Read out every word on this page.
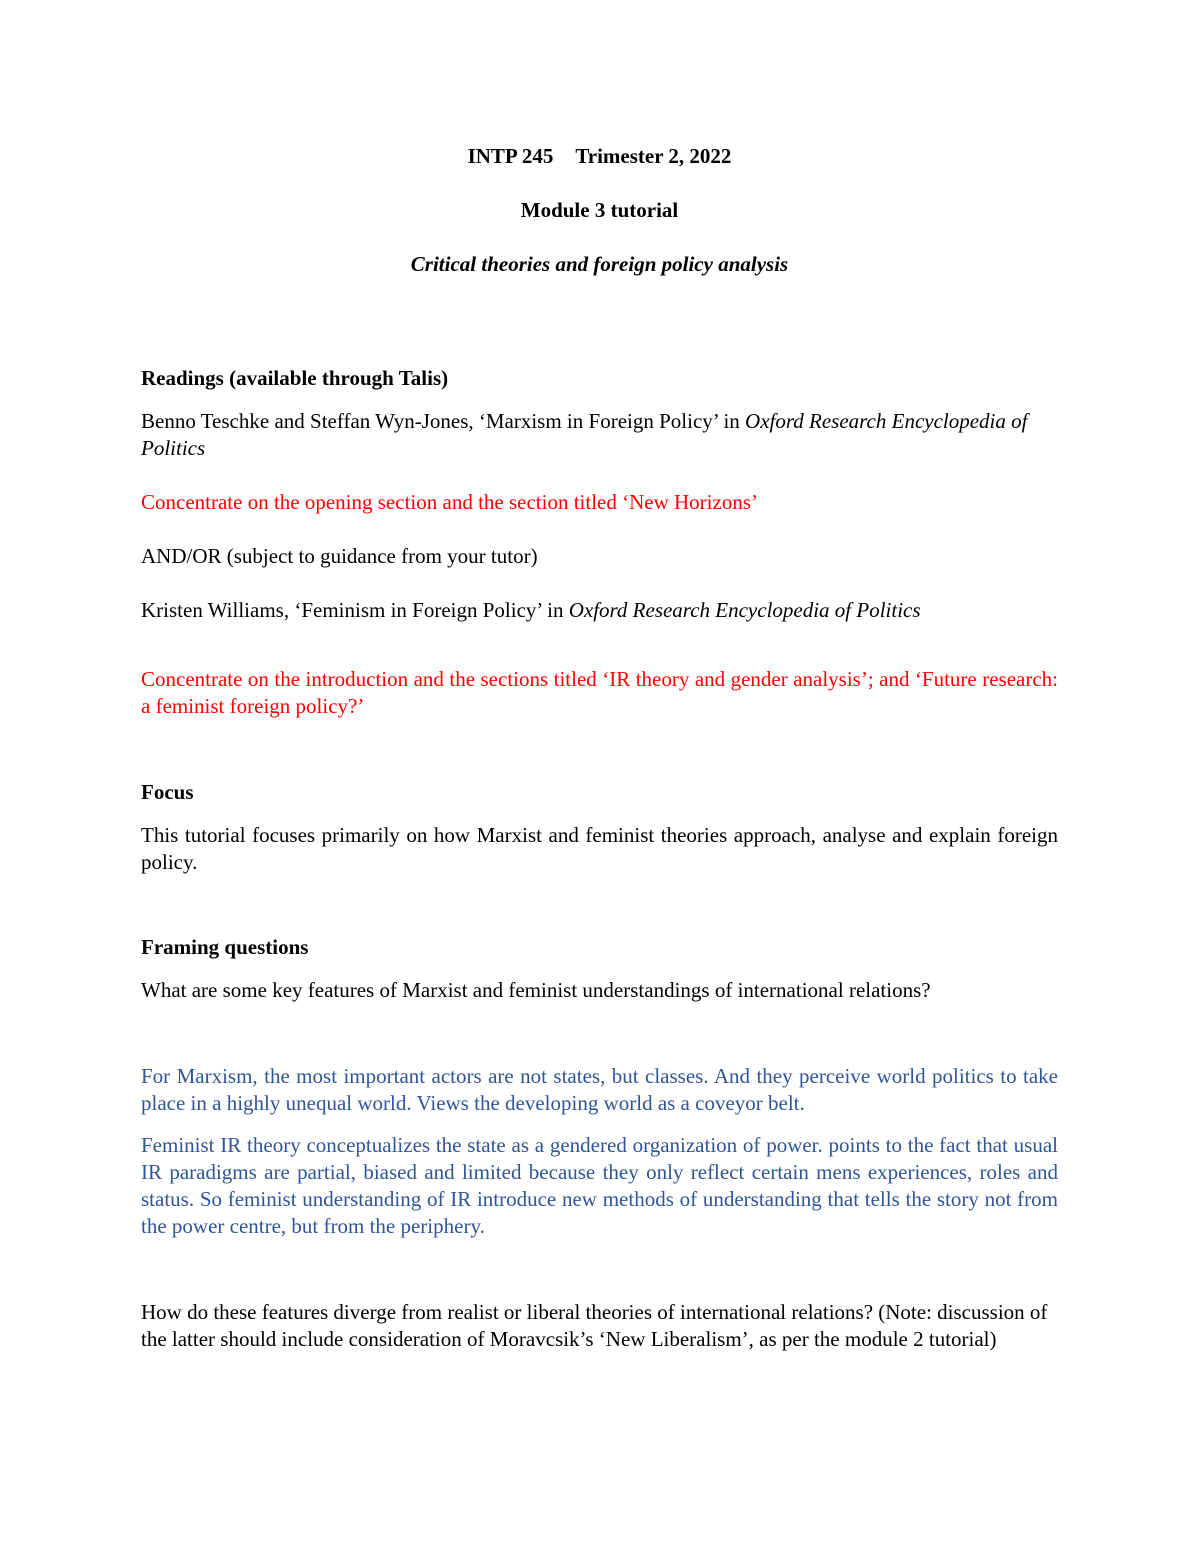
INTP 245 Trimester 2, 2022

Module 3 tutorial

Critical theories and foreign policy analysis

Readings (available through Talis)

Benno Teschke and Steffan Wyn-Jones, ‘Marxism in Foreign Policy’ in Oxford Research Encyclopedia of Politics

Concentrate on the opening section and the section titled ‘New Horizons’

AND/OR (subject to guidance from your tutor)

Kristen Williams, ‘Feminism in Foreign Policy’ in Oxford Research Encyclopedia of Politics

Concentrate on the introduction and the sections titled ‘IR theory and gender analysis’; and ‘Future research: a feminist foreign policy?’

Focus

This tutorial focuses primarily on how Marxist and feminist theories approach, analyse and explain foreign policy.

Framing questions

What are some key features of Marxist and feminist understandings of international relations?

For Marxism, the most important actors are not states, but classes. And they perceive world politics to take place in a highly unequal world. Views the developing world as a coveyor belt.

Feminist IR theory conceptualizes the state as a gendered organization of power. points to the fact that usual IR paradigms are partial, biased and limited because they only reflect certain mens experiences, roles and status. So feminist understanding of IR introduce new methods of understanding that tells the story not from the power centre, but from the periphery.

How do these features diverge from realist or liberal theories of international relations? (Note: discussion of the latter should include consideration of Moravcsik’s ‘New Liberalism’, as per the module 2 tutorial)
